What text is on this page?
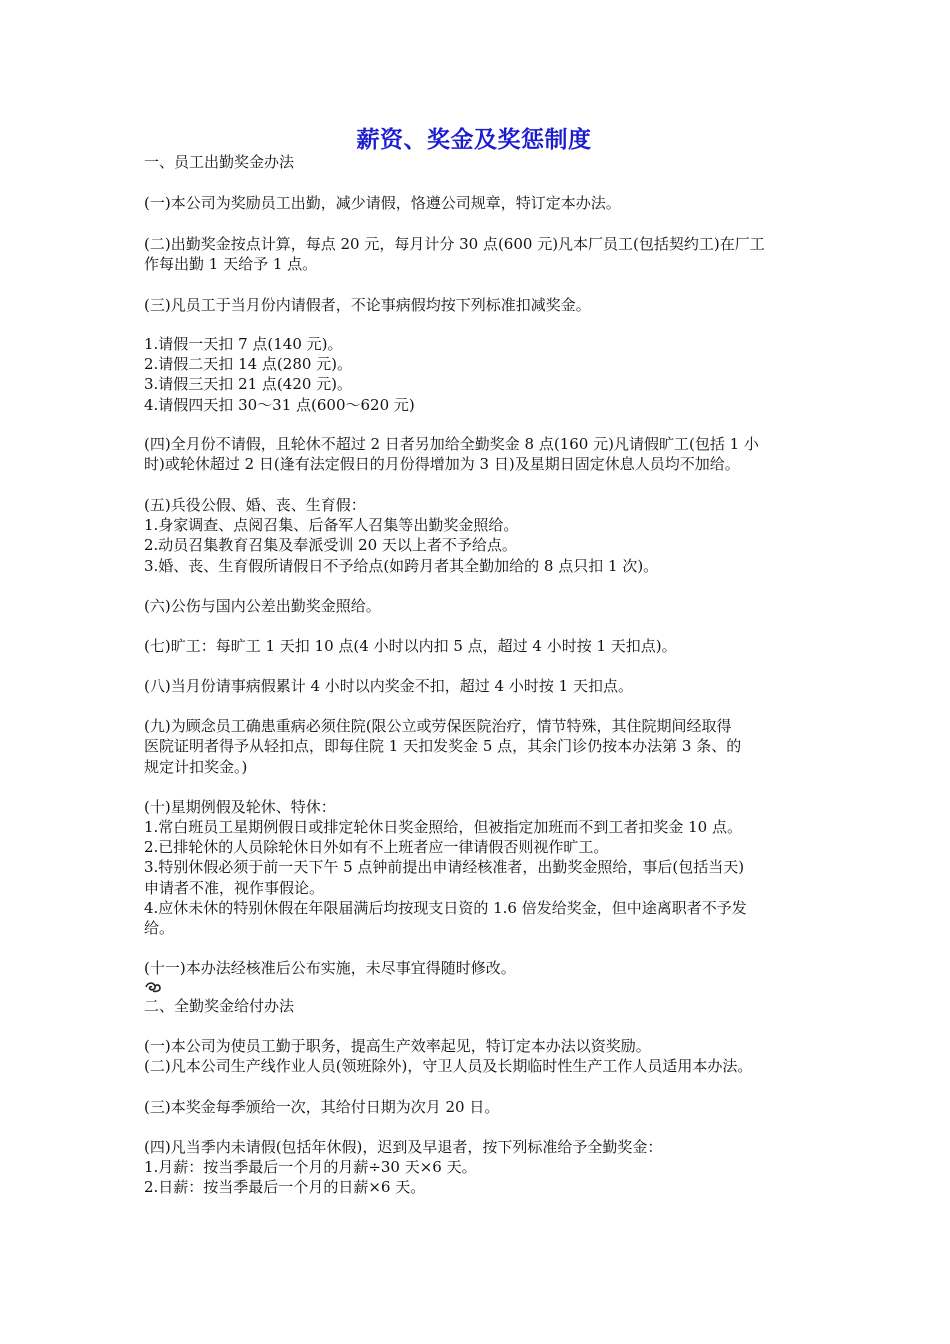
薪资、奖金及奖惩制度

一、员工出勤奖金办法

(一)本公司为奖励员工出勤，减少请假，恪遵公司规章，特订定本办法。

(二)出勤奖金按点计算，每点 20 元，每月计分 30 点(600 元)凡本厂员工(包括契约工)在厂工

作每出勤 1 天给予 1 点。

(三)凡员工于当月份内请假者，不论事病假均按下列标准扣减奖金。

1.请假一天扣 7 点(140 元)。

2.请假二天扣 14 点(280 元)。

3.请假三天扣 21 点(420 元)。

4.请假四天扣 30～31 点(600～620 元)

(四)全月份不请假，且轮休不超过 2 日者另加给全勤奖金 8 点(160 元)凡请假旷工(包括 1 小

时)或轮休超过 2 日(逢有法定假日的月份得增加为 3 日)及星期日固定休息人员均不加给。

(五)兵役公假、婚、丧、生育假：

1.身家调查、点阅召集、后备军人召集等出勤奖金照给。

2.动员召集教育召集及奉派受训 20 天以上者不予给点。

3.婚、丧、生育假所请假日不予给点(如跨月者其全勤加给的 8 点只扣 1 次)。

(六)公伤与国内公差出勤奖金照给。

(七)旷工：每旷工 1 天扣 10 点(4 小时以内扣 5 点，超过 4 小时按 1 天扣点)。

(八)当月份请事病假累计 4 小时以内奖金不扣，超过 4 小时按 1 天扣点。

(九)为顾念员工确患重病必须住院(限公立或劳保医院治疗，情节特殊，其住院期间经取得

医院证明者得予从轻扣点，即每住院 1 天扣发奖金 5 点，其余门诊仍按本办法第 3 条、的

规定计扣奖金。)

(十)星期例假及轮休、特休：

1.常白班员工星期例假日或排定轮休日奖金照给，但被指定加班而不到工者扣奖金 10 点。

2.已排轮休的人员除轮休日外如有不上班者应一律请假否则视作旷工。

3.特别休假必须于前一天下午 5 点钟前提出申请经核准者，出勤奖金照给，事后(包括当天)

申请者不准，视作事假论。

4.应休未休的特别休假在年限届满后均按现支日资的 1.6 倍发给奖金，但中途离职者不予发

给。

(十一)本办法经核准后公布实施，未尽事宜得随时修改。

二、全勤奖金给付办法

(一)本公司为使员工勤于职务，提高生产效率起见，特订定本办法以资奖励。

(二)凡本公司生产线作业人员(领班除外)，守卫人员及长期临时性生产工作人员适用本办法。

(三)本奖金每季颁给一次，其给付日期为次月 20 日。

(四)凡当季内未请假(包括年休假)，迟到及早退者，按下列标准给予全勤奖金：

1.月薪：按当季最后一个月的月薪÷30 天×6 天。

2.日薪：按当季最后一个月的日薪×6 天。
